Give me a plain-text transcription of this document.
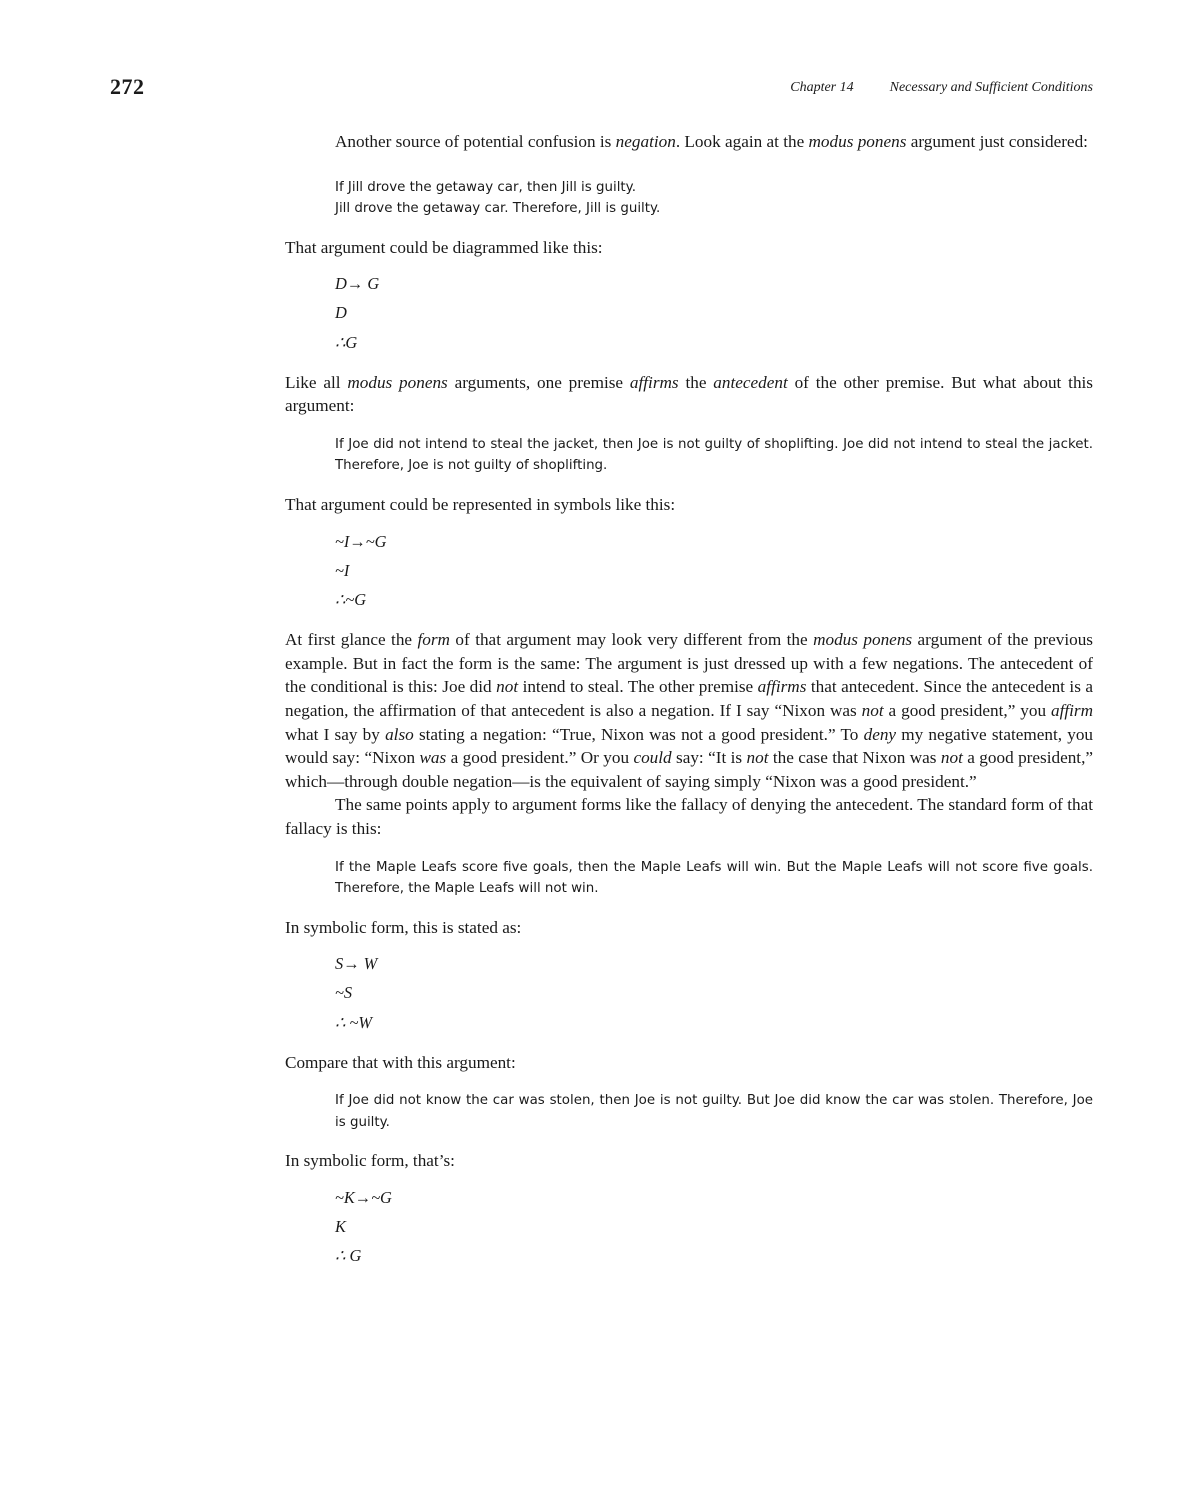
272	Chapter 14	Necessary and Sufficient Conditions

Another source of potential confusion is negation. Look again at the modus ponens argument just considered:

If Jill drove the getaway car, then Jill is guilty.
Jill drove the getaway car. Therefore, Jill is guilty.

That argument could be diagrammed like this:

D→ G
D
∴G

Like all modus ponens arguments, one premise affirms the antecedent of the other premise. But what about this argument:

If Joe did not intend to steal the jacket, then Joe is not guilty of shoplifting. Joe did not intend to steal the jacket. Therefore, Joe is not guilty of shoplifting.

That argument could be represented in symbols like this:

~I→~G
~I
∴~G

At first glance the form of that argument may look very different from the modus ponens argument of the previous example. But in fact the form is the same: The argument is just dressed up with a few negations. The antecedent of the conditional is this: Joe did not intend to steal. The other premise affirms that antecedent. Since the antecedent is a negation, the affirmation of that antecedent is also a negation. If I say “Nixon was not a good president,” you affirm what I say by also stating a negation: “True, Nixon was not a good president.” To deny my negative statement, you would say: “Nixon was a good president.” Or you could say: “It is not the case that Nixon was not a good president,” which—through double negation—is the equivalent of saying simply “Nixon was a good president.”

The same points apply to argument forms like the fallacy of denying the antecedent. The standard form of that fallacy is this:

If the Maple Leafs score five goals, then the Maple Leafs will win. But the Maple Leafs will not score five goals. Therefore, the Maple Leafs will not win.

In symbolic form, this is stated as:

S→ W
~S
∴ ~W

Compare that with this argument:

If Joe did not know the car was stolen, then Joe is not guilty. But Joe did know the car was stolen. Therefore, Joe is guilty.

In symbolic form, that’s:

~K→~G
K
∴ G
